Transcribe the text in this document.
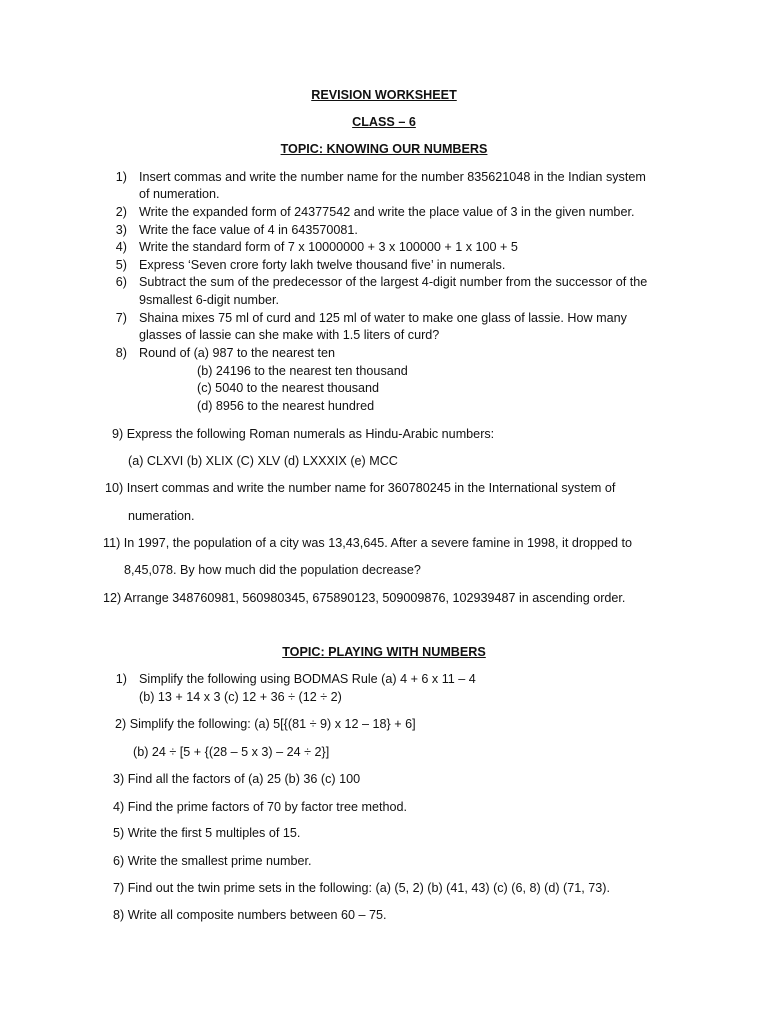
REVISION WORKSHEET
CLASS – 6
TOPIC: KNOWING OUR NUMBERS
1) Insert commas and write the number name for the number 835621048 in the Indian system
of numeration.
2) Write the expanded form of 24377542 and write the place value of 3 in the given number.
3) Write the face value of 4 in 643570081.
4) Write the standard form of 7 x 10000000 + 3 x 100000 + 1 x 100 + 5
5) Express ‘Seven crore forty lakh twelve thousand five’ in numerals.
6) Subtract the sum of the predecessor of the largest 4-digit number from the successor of the
9smallest 6-digit number.
7) Shaina mixes 75 ml of curd and 125 ml of water to make one glass of lassie. How many
glasses of lassie can she make with 1.5 liters of curd?
8) Round of (a) 987 to the nearest ten
(b) 24196 to the nearest ten thousand
(c) 5040 to the nearest thousand
(d) 8956 to the nearest hundred
9) Express the following Roman numerals as Hindu-Arabic numbers:
(a) CLXVI (b) XLIX (C) XLV (d) LXXXIX (e) MCC
10) Insert commas and write the number name for 360780245 in the International system of
numeration.
11) In 1997, the population of a city was 13,43,645. After a severe famine in 1998, it dropped to
8,45,078. By how much did the population decrease?
12) Arrange 348760981, 560980345, 675890123, 509009876, 102939487 in ascending order.
TOPIC: PLAYING WITH NUMBERS
1) Simplify the following using BODMAS Rule (a) 4 + 6 x 11 – 4
(b) 13 + 14 x 3 (c) 12 + 36 ÷ (12 ÷ 2)
2) Simplify the following: (a) 5[{(81 ÷ 9) x 12 – 18} + 6]
(b) 24 ÷ [5 + {(28 – 5 x 3) – 24 ÷ 2}]
3) Find all the factors of (a) 25 (b) 36 (c) 100
4) Find the prime factors of 70 by factor tree method.
5) Write the first 5 multiples of 15.
6) Write the smallest prime number.
7) Find out the twin prime sets in the following: (a) (5, 2) (b) (41, 43) (c) (6, 8) (d) (71, 73).
8) Write all composite numbers between 60 – 75.
